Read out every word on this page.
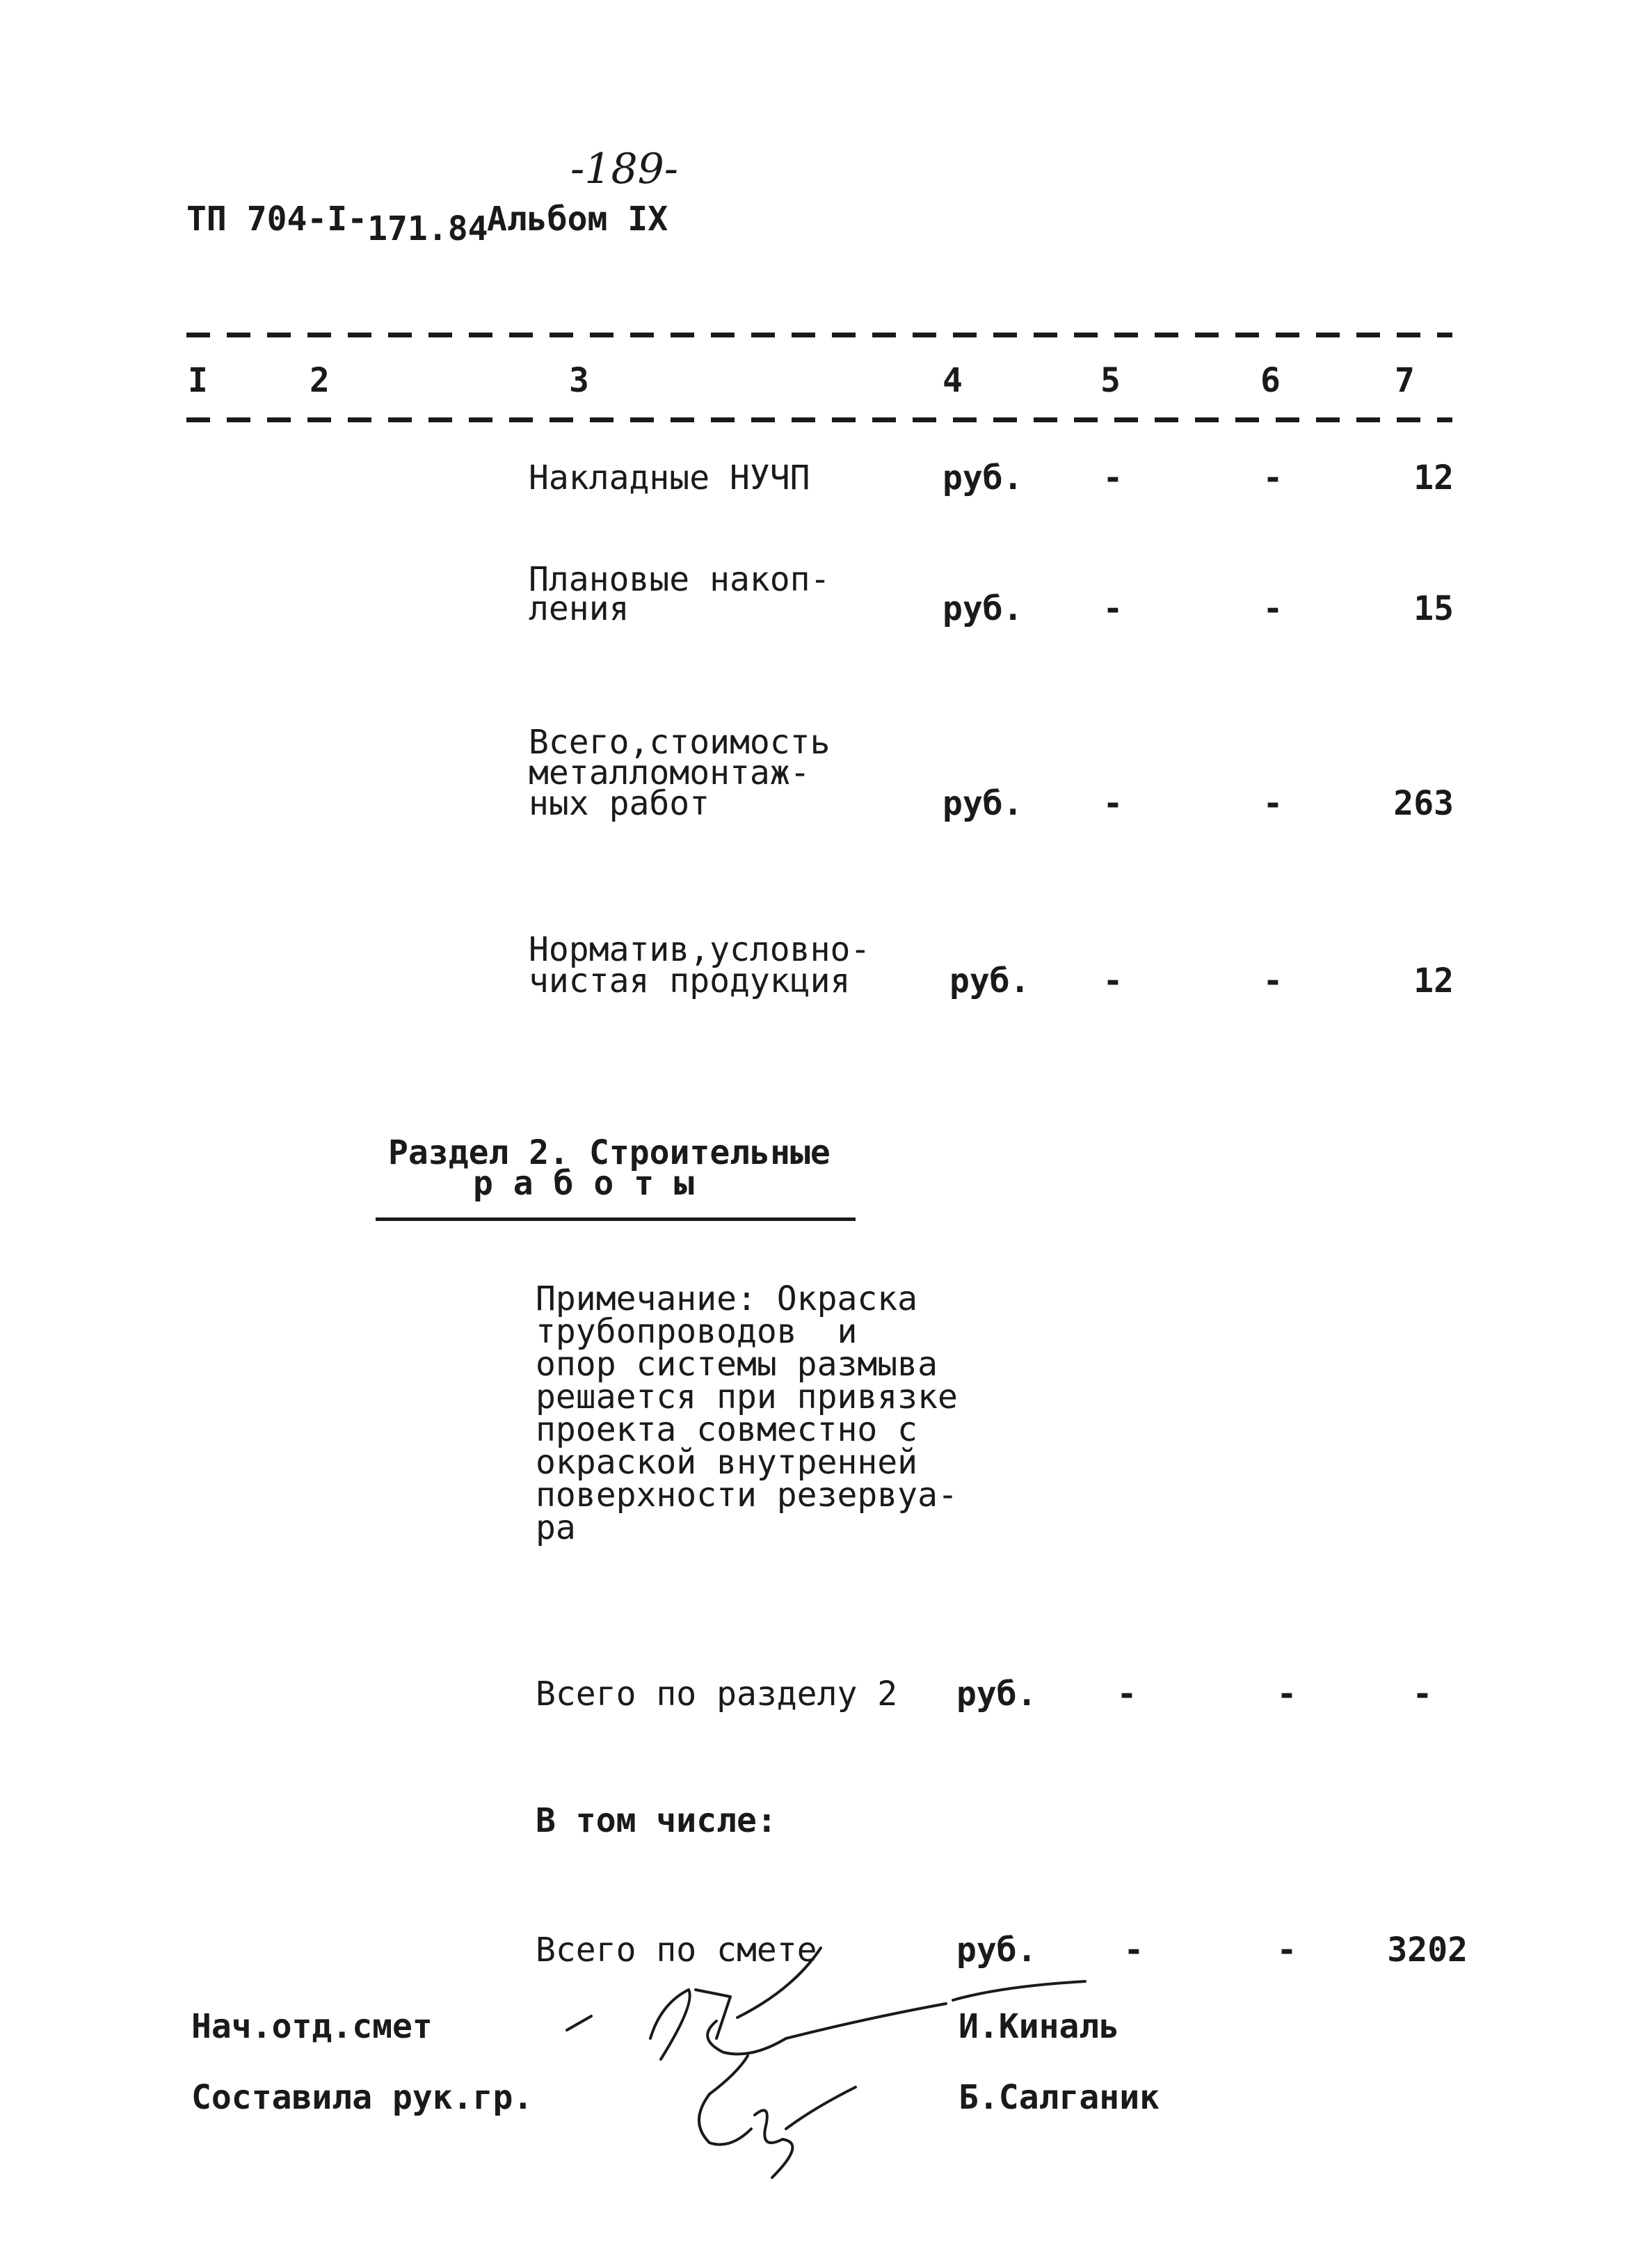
-189-
ТП 704-I-171.84
Альбом IX
I	2	3	4	5	6	7
Накладные НУЧП	руб.	-	-	12
Плановые накоп-
ления	руб.	-	-	15
Всего,стоимость
металломонтаж-
ных работ	руб.	-	-	263
Норматив,условно-
чистая продукция	руб.	-	-	12
Раздел 2. Строительные
р а б о т ы
Примечание: Окраска
трубопроводов  и
опор системы размыва
решается при привязке
проекта совместно с
окраской внутренней
поверхности резервуа-
ра
Всего по разделу 2 руб.	-	-	-
В том числе:
Всего по смете	руб.	-	-	3202
Нач.отд.смет	И.Киналь
Составила рук.гр.	Б.Салганик
